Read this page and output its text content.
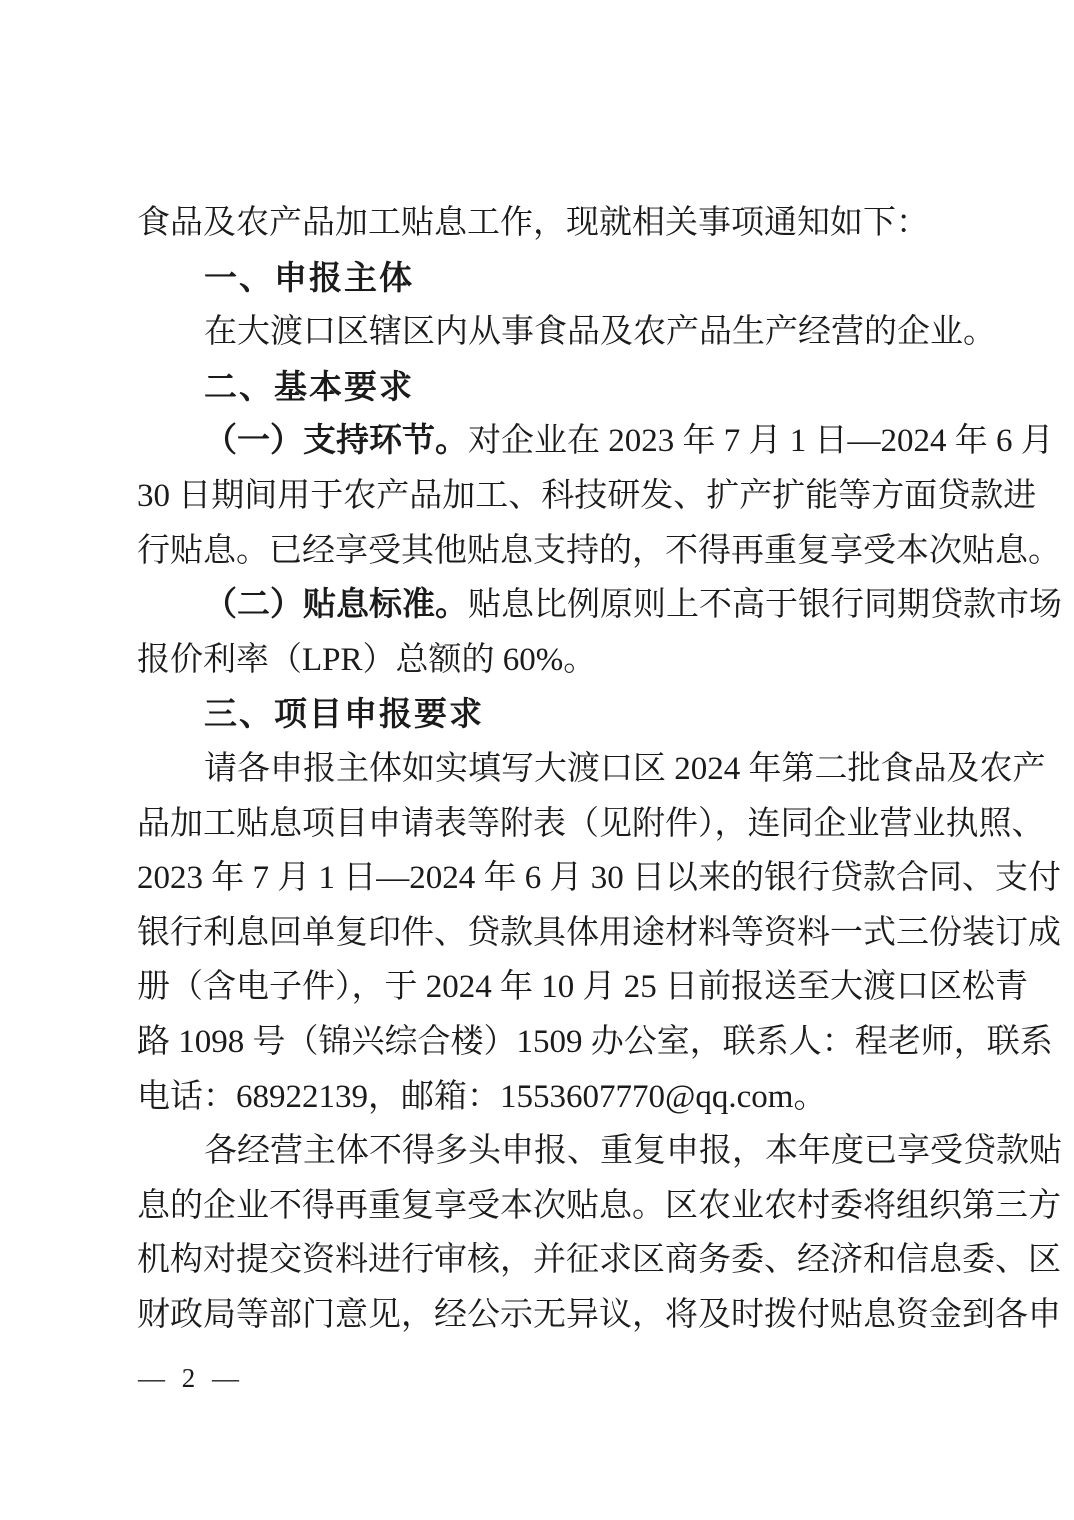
食品及农产品加工贴息工作，现就相关事项通知如下：
一、申报主体
在大渡口区辖区内从事食品及农产品生产经营的企业。
二、基本要求
（一）支持环节。对企业在 2023 年 7 月 1 日—2024 年 6 月
30 日期间用于农产品加工、科技研发、扩产扩能等方面贷款进
行贴息。已经享受其他贴息支持的，不得再重复享受本次贴息。
（二）贴息标准。贴息比例原则上不高于银行同期贷款市场
报价利率（LPR）总额的 60%。
三、项目申报要求
请各申报主体如实填写大渡口区 2024 年第二批食品及农产
品加工贴息项目申请表等附表（见附件），连同企业营业执照、
2023 年 7 月 1 日—2024 年 6 月 30 日以来的银行贷款合同、支付
银行利息回单复印件、贷款具体用途材料等资料一式三份装订成
册（含电子件），于 2024 年 10 月 25 日前报送至大渡口区松青
路 1098 号（锦兴综合楼）1509 办公室，联系人：程老师，联系
电话：68922139，邮箱：1553607770@qq.com。
各经营主体不得多头申报、重复申报，本年度已享受贷款贴
息的企业不得再重复享受本次贴息。区农业农村委将组织第三方
机构对提交资料进行审核，并征求区商务委、经济和信息委、区
财政局等部门意见，经公示无异议，将及时拨付贴息资金到各申
— 2 —
